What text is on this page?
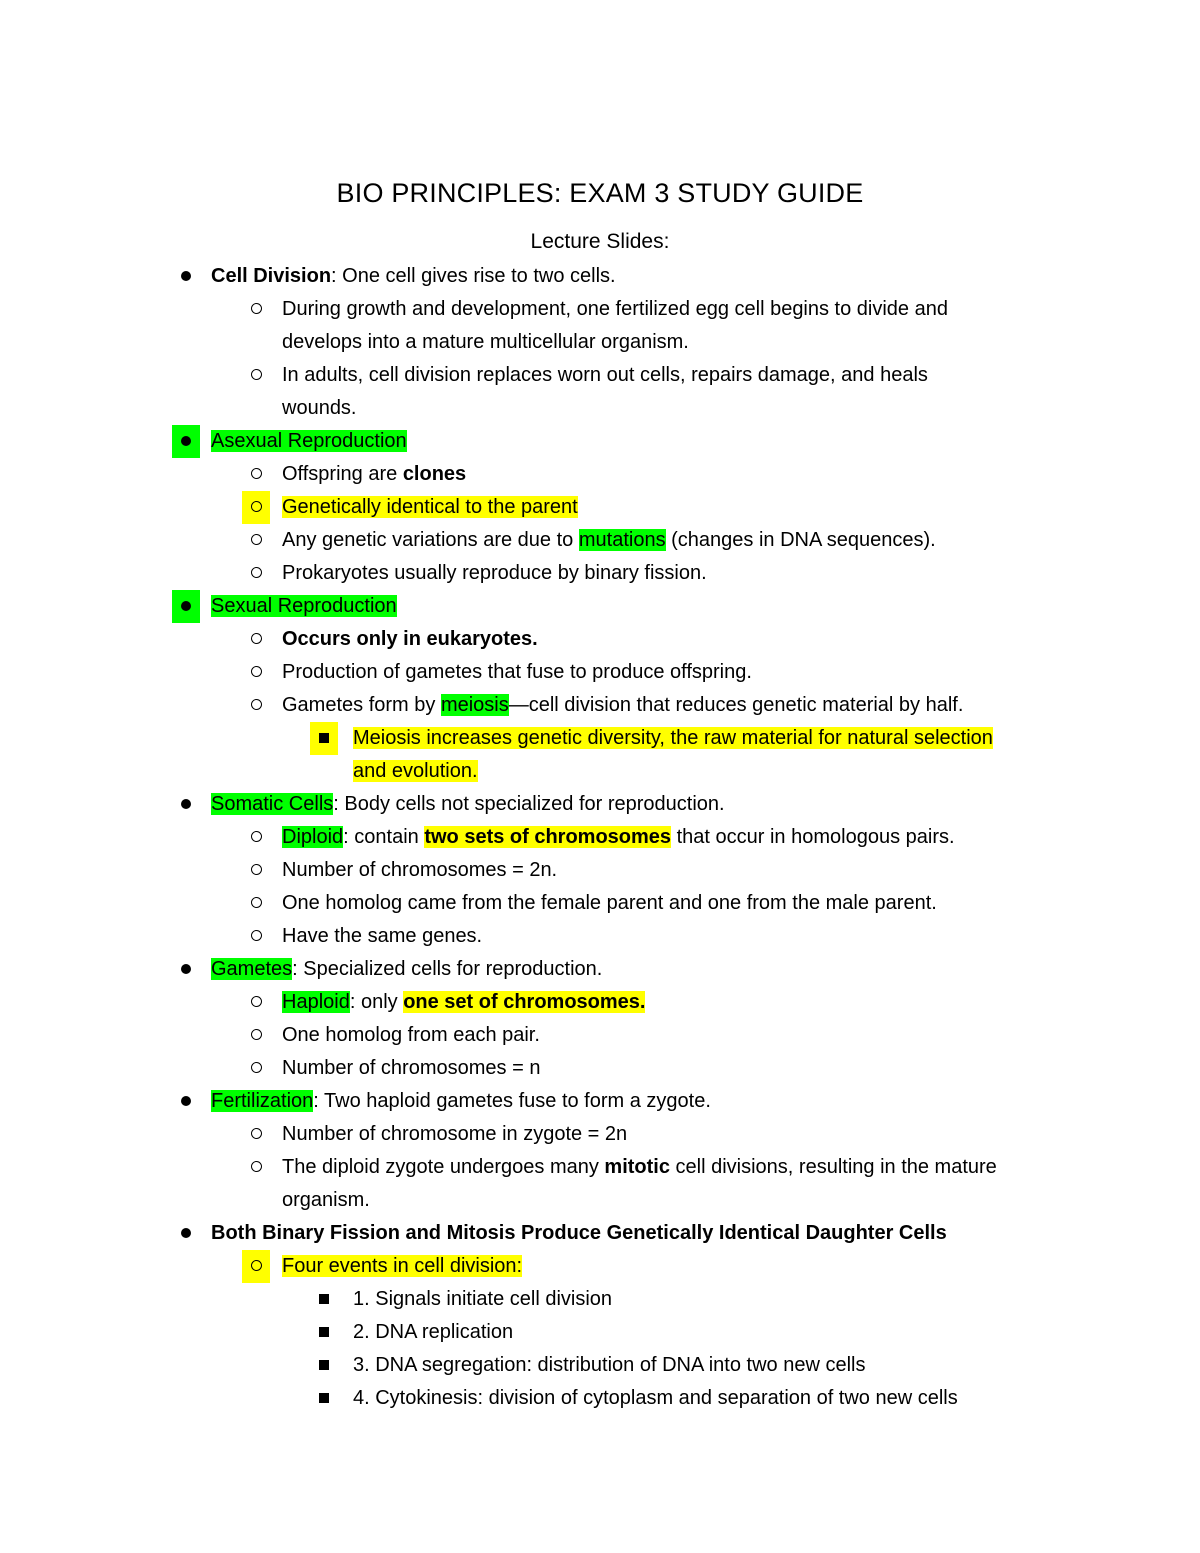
BIO PRINCIPLES: EXAM 3 STUDY GUIDE
Lecture Slides:
Cell Division: One cell gives rise to two cells.
During growth and development, one fertilized egg cell begins to divide and
develops into a mature multicellular organism.
In adults, cell division replaces worn out cells, repairs damage, and heals
wounds.
Asexual Reproduction
Offspring are clones
Genetically identical to the parent
Any genetic variations are due to mutations (changes in DNA sequences).
Prokaryotes usually reproduce by binary fission.
Sexual Reproduction
Occurs only in eukaryotes.
Production of gametes that fuse to produce offspring.
Gametes form by meiosis—cell division that reduces genetic material by half.
Meiosis increases genetic diversity, the raw material for natural selection
and evolution.
Somatic Cells: Body cells not specialized for reproduction.
Diploid: contain two sets of chromosomes that occur in homologous pairs.
Number of chromosomes = 2n.
One homolog came from the female parent and one from the male parent.
Have the same genes.
Gametes: Specialized cells for reproduction.
Haploid: only one set of chromosomes.
One homolog from each pair.
Number of chromosomes = n
Fertilization: Two haploid gametes fuse to form a zygote.
Number of chromosome in zygote = 2n
The diploid zygote undergoes many mitotic cell divisions, resulting in the mature
organism.
Both Binary Fission and Mitosis Produce Genetically Identical Daughter Cells
Four events in cell division:
1. Signals initiate cell division
2. DNA replication
3. DNA segregation: distribution of DNA into two new cells
4. Cytokinesis: division of cytoplasm and separation of two new cells
